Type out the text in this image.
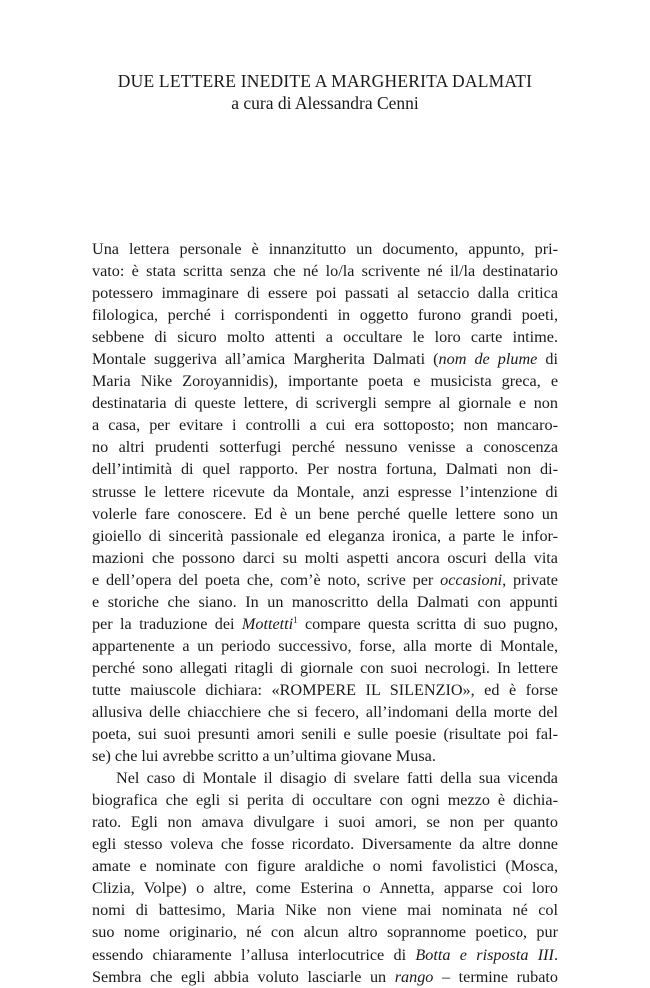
DUE LETTERE INEDITE A MARGHERITA DALMATI
a cura di Alessandra Cenni
Una lettera personale è innanzitutto un documento, appunto, pri-
vato: è stata scritta senza che né lo/la scrivente né il/la destinatario
potessero immaginare di essere poi passati al setaccio dalla critica
filologica, perché i corrispondenti in oggetto furono grandi poeti,
sebbene di sicuro molto attenti a occultare le loro carte intime.
Montale suggeriva all’amica Margherita Dalmati (nom de plume di
Maria Nike Zoroyannidis), importante poeta e musicista greca, e
destinataria di queste lettere, di scrivergli sempre al giornale e non
a casa, per evitare i controlli a cui era sottoposto; non mancaro-
no altri prudenti sotterfugi perché nessuno venisse a conoscenza
dell’intimità di quel rapporto. Per nostra fortuna, Dalmati non di-
strusse le lettere ricevute da Montale, anzi espresse l’intenzione di
volerle fare conoscere. Ed è un bene perché quelle lettere sono un
gioiello di sincerità passionale ed eleganza ironica, a parte le infor-
mazioni che possono darci su molti aspetti ancora oscuri della vita
e dell’opera del poeta che, com’è noto, scrive per occasioni, private
e storiche che siano. In un manoscritto della Dalmati con appunti
per la traduzione dei Mottetti$^1$ compare questa scritta di suo pugno,
appartenente a un periodo successivo, forse, alla morte di Montale,
perché sono allegati ritagli di giornale con suoi necrologi. In lettere
tutte maiuscole dichiara: «ROMPERE IL SILENZIO», ed è forse
allusiva delle chiacchiere che si fecero, all’indomani della morte del
poeta, sui suoi presunti amori senili e sulle poesie (risultate poi fal-
se) che lui avrebbe scritto a un’ultima giovane Musa.
Nel caso di Montale il disagio di svelare fatti della sua vicenda
biografica che egli si perita di occultare con ogni mezzo è dichia-
rato. Egli non amava divulgare i suoi amori, se non per quanto
egli stesso voleva che fosse ricordato. Diversamente da altre donne
amate e nominate con figure araldiche o nomi favolistici (Mosca,
Clizia, Volpe) o altre, come Esterina o Annetta, apparse coi loro
nomi di battesimo, Maria Nike non viene mai nominata né col
suo nome originario, né con alcun altro soprannome poetico, pur
essendo chiaramente l’allusa interlocutrice di Botta e risposta III.
Sembra che egli abbia voluto lasciarle un rango – termine rubato
